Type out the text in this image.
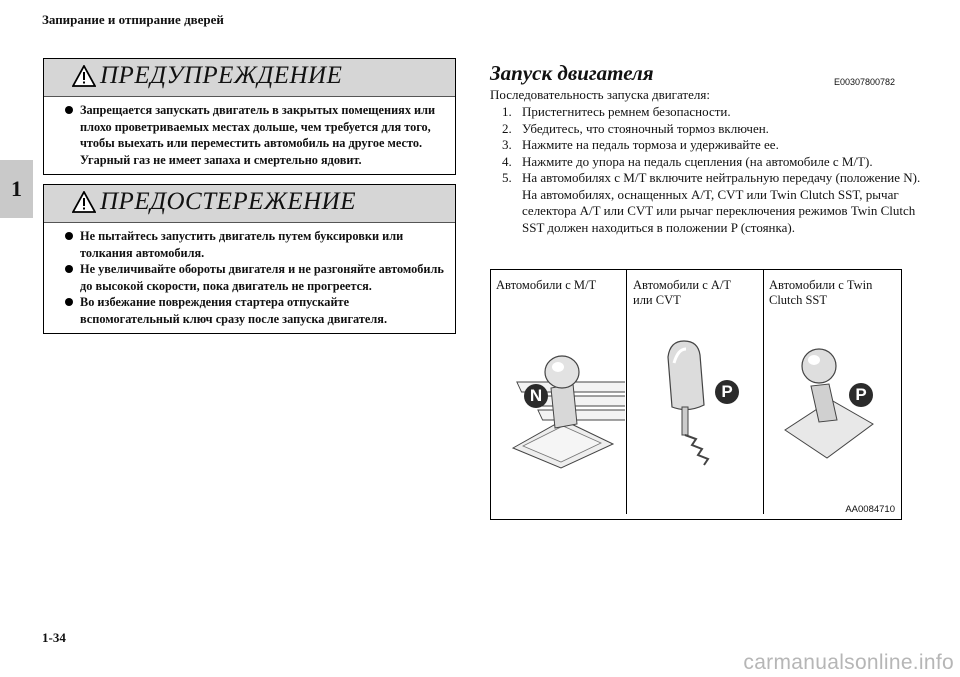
Запирание и отпирание дверей
1
ПРЕДУПРЕЖДЕНИЕ
Запрещается запускать двигатель в закрытых помещениях или плохо проветриваемых местах дольше, чем требуется для того, чтобы выехать или переместить автомобиль на другое место. Угарный газ не имеет запаха и смертельно ядовит.
ПРЕДОСТЕРЕЖЕНИЕ
Не пытайтесь запустить двигатель путем буксировки или толкания автомобиля.
Не увеличивайте обороты двигателя и не разгоняйте автомобиль до высокой скорости, пока двигатель не прогреется.
Во избежание повреждения стартера отпускайте вспомогательный ключ сразу после запуска двигателя.
Запуск двигателя	E00307800782
Последовательность запуска двигателя:
1. Пристегнитесь ремнем безопасности.
2. Убедитесь, что стояночный тормоз включен.
3. Нажмите на педаль тормоза и удерживайте ее.
4. Нажмите до упора на педаль сцепления (на автомобиле с M/T).
5. На автомобилях с M/T включите нейтральную передачу (положение N).
На автомобилях, оснащенных A/T, CVT или Twin Clutch SST, рычаг селектора A/T или CVT или рычаг переключения режимов Twin Clutch SST должен находиться в положении P (стоянка).
Автомобили с M/T	Автомобили с A/T или CVT
Автомобили с Twin Clutch SST
N	P	P
AA0084710
1-34
carmanualsonline.info
